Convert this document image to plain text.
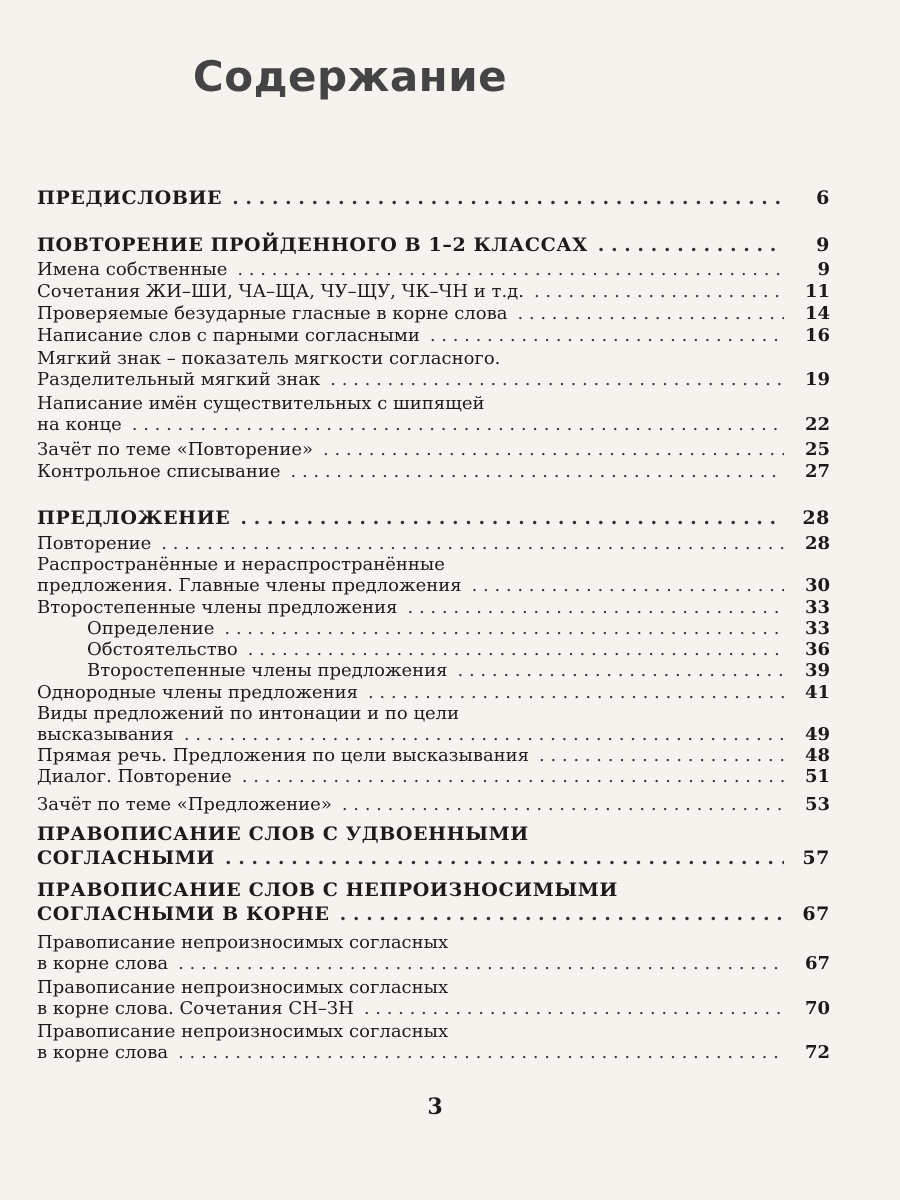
Содержание
ПРЕДИСЛОВИЕ . . .	6
ПОВТОРЕНИЕ ПРОЙДЕННОГО В 1–2 КЛАССАХ . . .	9
Имена собственные . . .	9
Сочетания ЖИ–ШИ, ЧА–ЩА, ЧУ–ЩУ, ЧК–ЧН и т.д. . . .	11
Проверяемые безударные гласные в корне слова . . .	14
Написание слов с парными согласными . . .	16
Мягкий знак – показатель мягкости согласного.
Разделительный мягкий знак . . .	19
Написание имён существительных с шипящей
на конце . . .	22
Зачёт по теме «Повторение» . . .	25
Контрольное списывание . . .	27
ПРЕДЛОЖЕНИЕ . . .	28
Повторение . . .	28
Распространённые и нераспространённые
предложения. Главные члены предложения . . .	30
Второстепенные члены предложения . . .	33
Определение . . .	33
Обстоятельство . . .	36
Второстепенные члены предложения . . .	39
Однородные члены предложения . . .	41
Виды предложений по интонации и по цели
высказывания . . .	49
Прямая речь. Предложения по цели высказывания . . .	48
Диалог. Повторение . . .	51
Зачёт по теме «Предложение» . . .	53
ПРАВОПИСАНИЕ СЛОВ С УДВОЕННЫМИ
СОГЛАСНЫМИ . . .	57
ПРАВОПИСАНИЕ СЛОВ С НЕПРОИЗНОСИМЫМИ
СОГЛАСНЫМИ В КОРНЕ . . .	67
Правописание непроизносимых согласных
в корне слова . . .	67
Правописание непроизносимых согласных
в корне слова. Сочетания СН–ЗН . . .	70
Правописание непроизносимых согласных
в корне слова . . .	72
3
